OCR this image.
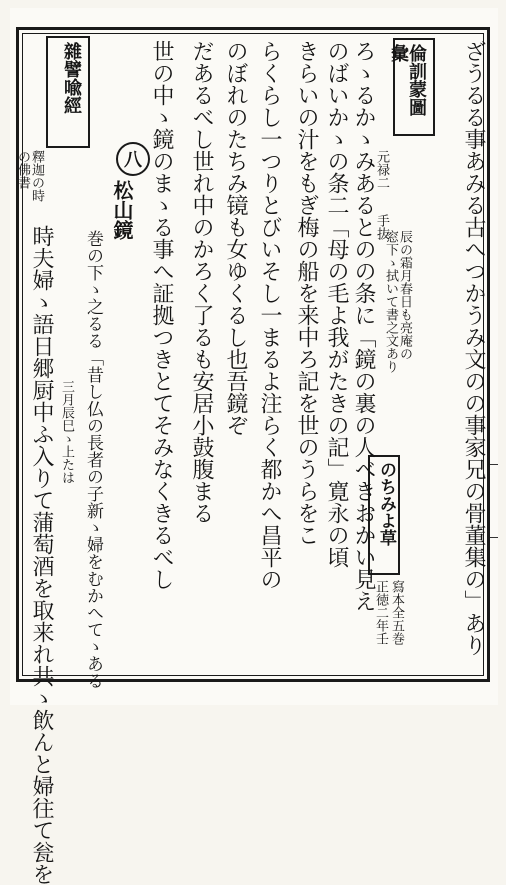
倫訓蒙圖彙
元禄二
手抜
雜譬喩經
釋迦の時
の佛書
のちみよ草
寫本全五巻
正徳二年壬
八
松山鏡	ざうるる事あみる古へつかうみ文のの事家兄の骨董集の」あり
ろゝるかゝみあるとのの条に「鏡の裏の人べきおかい見え
のばいかゝの条二「母の毛よ我がたきの記」寛永の頃
きらいの汁をもぎ梅の船を来中ろ記を世のうらをこ
らくらし一つりとびいそし一まるよ注らく都かへ昌平の
のぼれのたちみ镜も女ゆくるし也吾鏡ぞ
だあるべし世れ中のかろく了るも安居小鼓腹まる
世の中ゝ鏡のまゝる事へ証拠つきとてそみなくきるべし
時夫婦ゝ語日郷厨中ふ入りて蒲萄酒を取来れ共ゝ飲んと婦往て瓮を	辰の霜月春日も亮庵の
窓下ゝ拭いて書之文あり
巻の下ゝ之るる「昔し仏の長者の子新ゝ婦をむかへてゝある
三月辰巳ゝ上たは
